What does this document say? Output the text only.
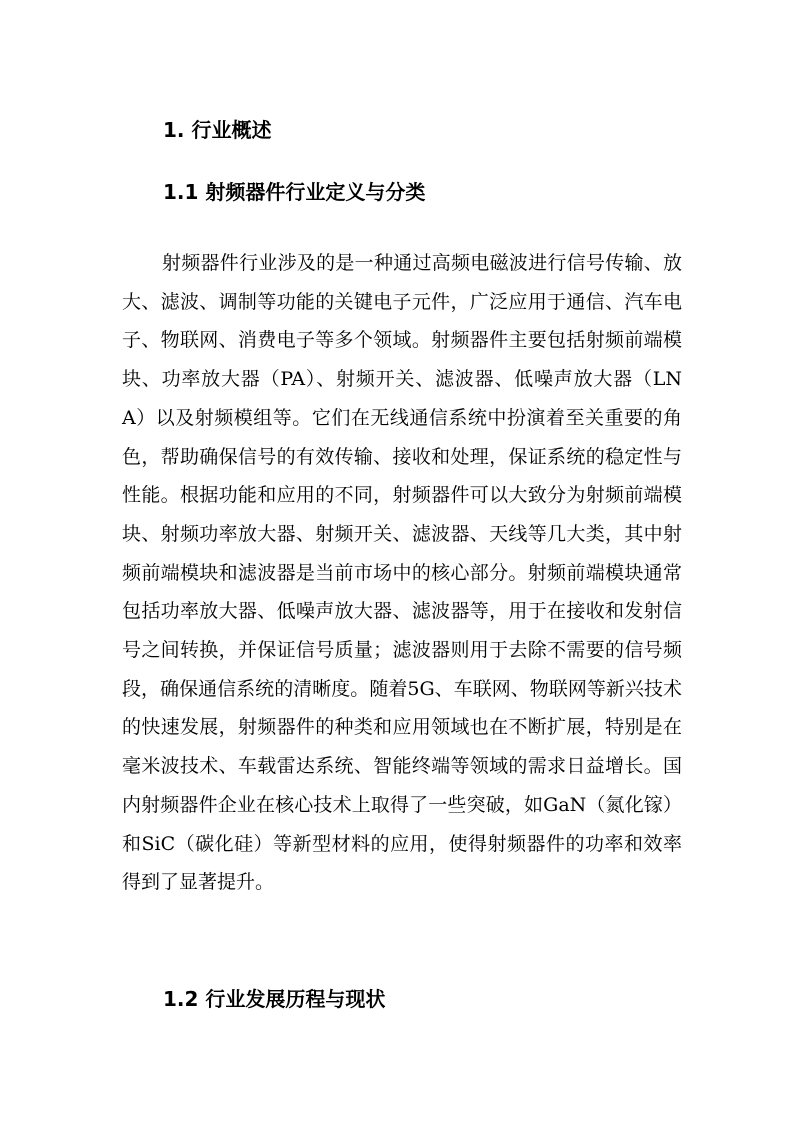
1. 行业概述
1.1 射频器件行业定义与分类

射频器件行业涉及的是一种通过高频电磁波进行信号传输、放大、滤波、调制等功能的关键电子元件，广泛应用于通信、汽车电子、物联网、消费电子等多个领域。射频器件主要包括射频前端模块、功率放大器（PA）、射频开关、滤波器、低噪声放大器（LNA）以及射频模组等。它们在无线通信系统中扮演着至关重要的角色，帮助确保信号的有效传输、接收和处理，保证系统的稳定性与性能。根据功能和应用的不同，射频器件可以大致分为射频前端模块、射频功率放大器、射频开关、滤波器、天线等几大类，其中射频前端模块和滤波器是当前市场中的核心部分。射频前端模块通常包括功率放大器、低噪声放大器、滤波器等，用于在接收和发射信号之间转换，并保证信号质量；滤波器则用于去除不需要的信号频段，确保通信系统的清晰度。随着5G、车联网、物联网等新兴技术的快速发展，射频器件的种类和应用领域也在不断扩展，特别是在毫米波技术、车载雷达系统、智能终端等领域的需求日益增长。国内射频器件企业在核心技术上取得了一些突破，如GaN（氮化镓）和SiC（碳化硅）等新型材料的应用，使得射频器件的功率和效率得到了显著提升。

1.2 行业发展历程与现状
